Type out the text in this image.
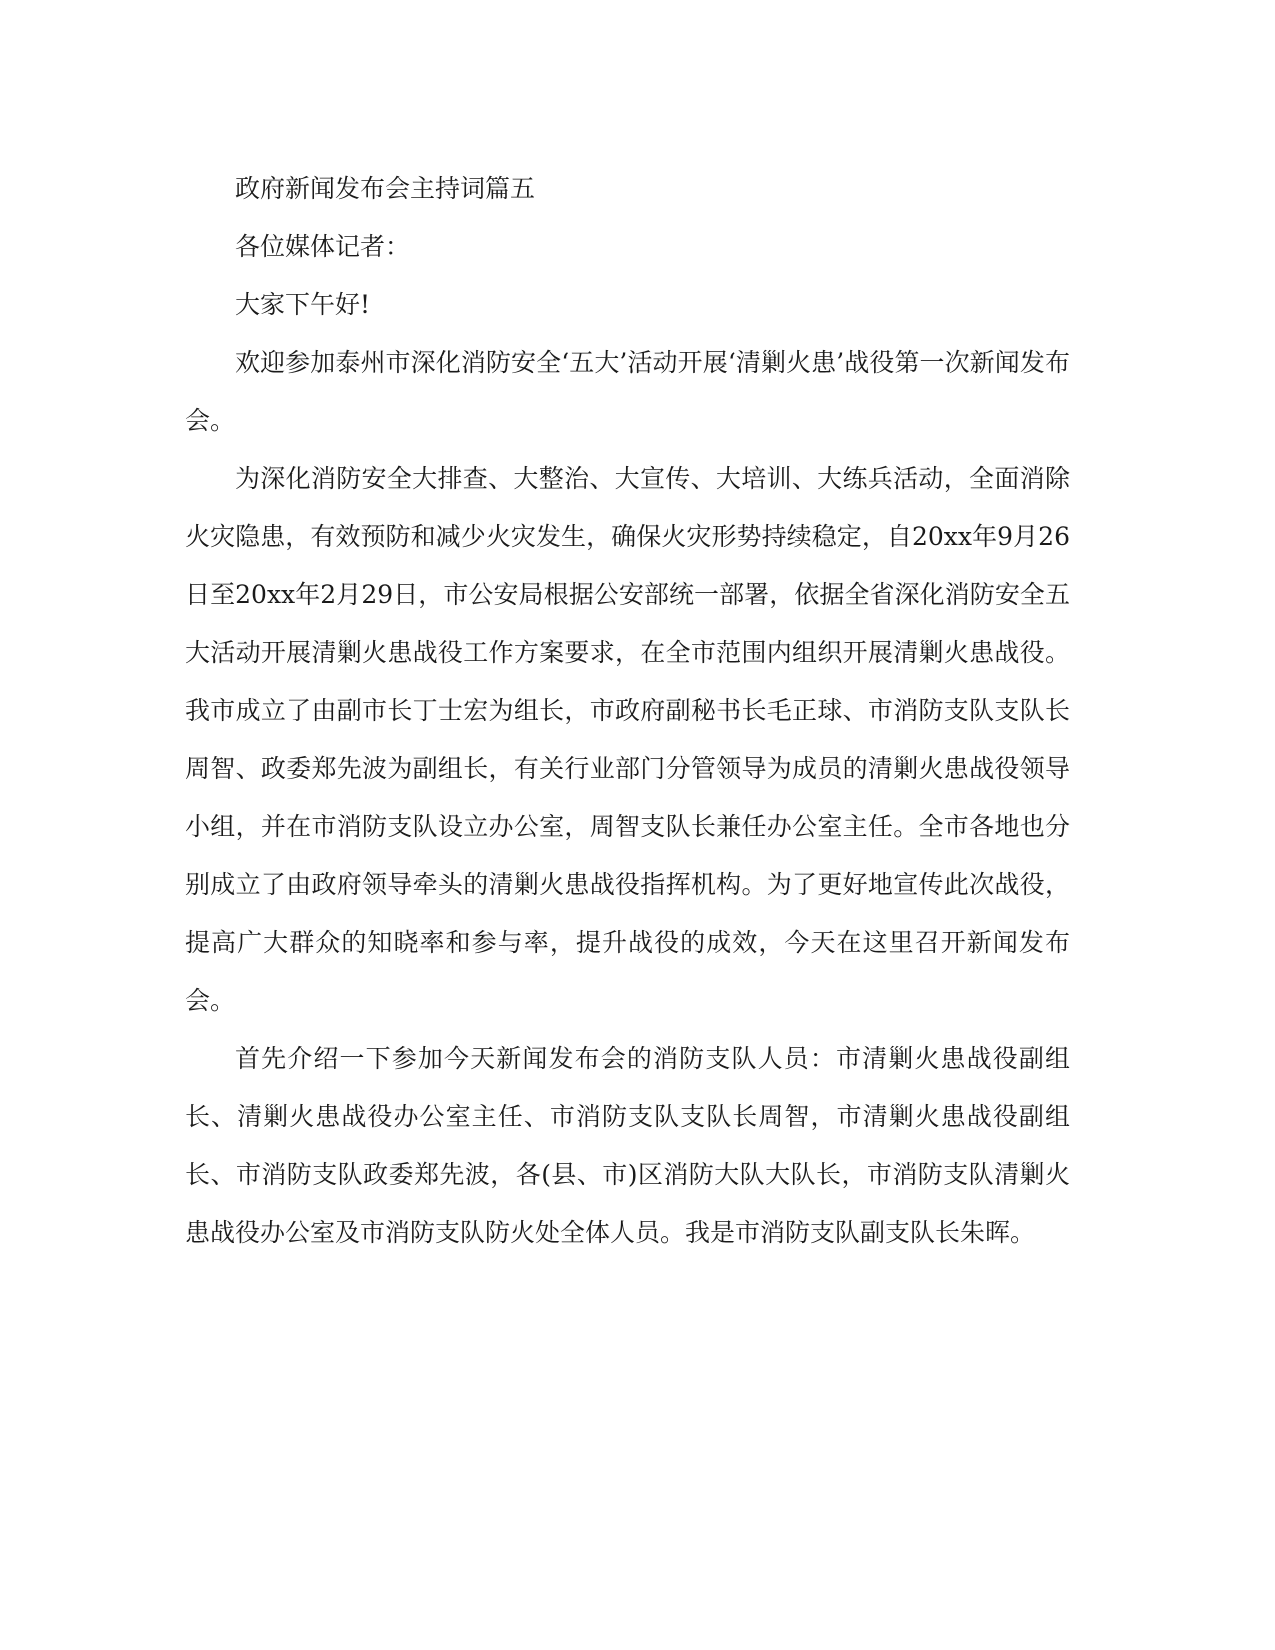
政府新闻发布会主持词篇五

各位媒体记者：

大家下午好!

欢迎参加泰州市深化消防安全‘五大’活动开展‘清剿火患’战役第一次新闻发布会。

为深化消防安全大排查、大整治、大宣传、大培训、大练兵活动，全面消除火灾隐患，有效预防和减少火灾发生，确保火灾形势持续稳定，自20xx年9月26日至20xx年2月29日，市公安局根据公安部统一部署，依据全省深化消防安全五大活动开展清剿火患战役工作方案要求，在全市范围内组织开展清剿火患战役。我市成立了由副市长丁士宏为组长，市政府副秘书长毛正球、市消防支队支队长周智、政委郑先波为副组长，有关行业部门分管领导为成员的清剿火患战役领导小组，并在市消防支队设立办公室，周智支队长兼任办公室主任。全市各地也分别成立了由政府领导牵头的清剿火患战役指挥机构。为了更好地宣传此次战役，提高广大群众的知晓率和参与率，提升战役的成效，今天在这里召开新闻发布会。

首先介绍一下参加今天新闻发布会的消防支队人员：市清剿火患战役副组长、清剿火患战役办公室主任、市消防支队支队长周智，市清剿火患战役副组长、市消防支队政委郑先波，各(县、市)区消防大队大队长，市消防支队清剿火患战役办公室及市消防支队防火处全体人员。我是市消防支队副支队长朱晖。
